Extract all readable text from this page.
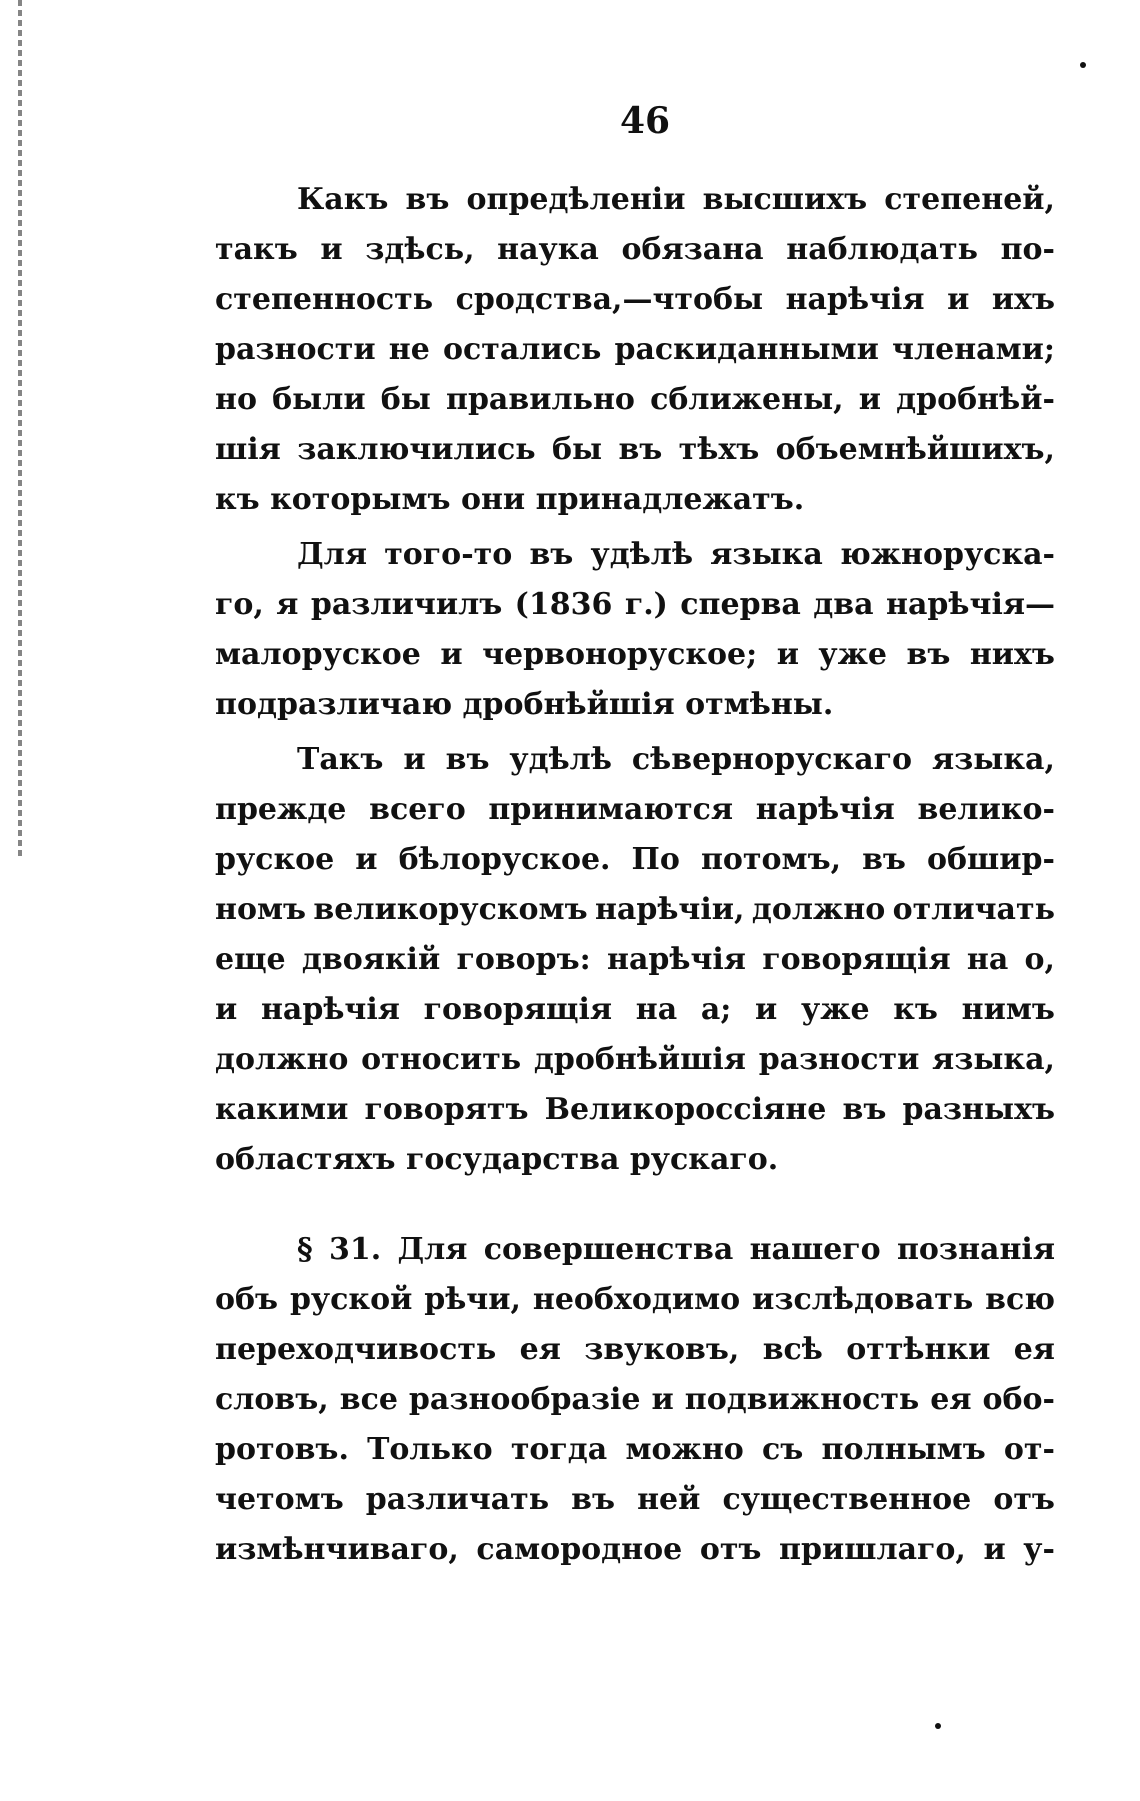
46
Какъ въ опредѣленіи высшихъ степеней,
такъ и здѣсь, наука обязана наблюдать по-
степенность сродства,—чтобы нарѣчія и ихъ
разности не остались раскиданными членами;
но были бы правильно сближены, и дробнѣй-
шія заключились бы въ тѣхъ объемнѣйшихъ,
къ которымъ они принадлежатъ.
Для того-то въ удѣлѣ языка южноруска-
го, я различилъ (1836 г.) сперва два нарѣчія—
малоруское и червоноруское; и уже въ нихъ
подразличаю дробнѣйшія отмѣны.
Такъ и въ удѣлѣ сѣвернорускаго языка,
прежде всего принимаются нарѣчія велико-
руское и бѣлоруское. По потомъ, въ обшир-
номъ великорускомъ нарѣчіи, должно отличать
еще двоякій говоръ: нарѣчія говорящія на о,
и нарѣчія говорящія на а; и уже къ нимъ
должно относить дробнѣйшія разности языка,
какими говорятъ Великороссіяне въ разныхъ
областяхъ государства рускаго.
§ 31. Для совершенства нашего познанія
объ руской рѣчи, необходимо изслѣдовать всю
переходчивость ея звуковъ, всѣ оттѣнки ея
словъ, все разнообразіе и подвижность ея обо-
ротовъ. Только тогда можно съ полнымъ от-
четомъ различать въ ней существенное отъ
измѣнчиваго, самородное отъ пришлаго, и у-
